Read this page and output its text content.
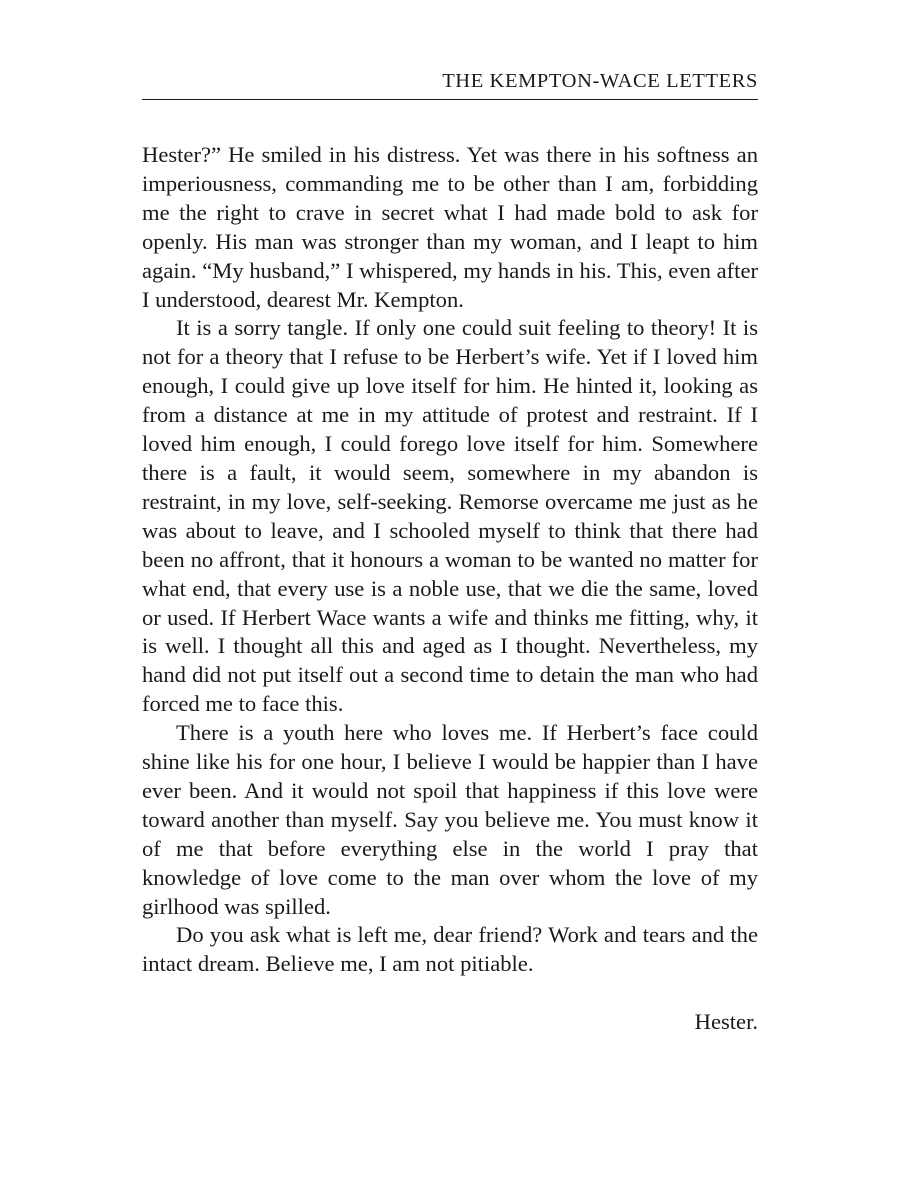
THE KEMPTON-WACE LETTERS

Hester?” He smiled in his distress. Yet was there in his softness an imperiousness, commanding me to be other than I am, forbidding me the right to crave in secret what I had made bold to ask for openly. His man was stronger than my woman, and I leapt to him again. “My husband,” I whispered, my hands in his. This, even after I understood, dearest Mr. Kempton.

It is a sorry tangle. If only one could suit feeling to theory! It is not for a theory that I refuse to be Herbert’s wife. Yet if I loved him enough, I could give up love itself for him. He hinted it, looking as from a distance at me in my attitude of protest and restraint. If I loved him enough, I could forego love itself for him. Somewhere there is a fault, it would seem, somewhere in my abandon is restraint, in my love, self-seeking. Remorse overcame me just as he was about to leave, and I schooled myself to think that there had been no affront, that it honours a woman to be wanted no matter for what end, that every use is a noble use, that we die the same, loved or used. If Herbert Wace wants a wife and thinks me fitting, why, it is well. I thought all this and aged as I thought. Nevertheless, my hand did not put itself out a second time to detain the man who had forced me to face this.

There is a youth here who loves me. If Herbert’s face could shine like his for one hour, I believe I would be happier than I have ever been. And it would not spoil that happiness if this love were toward another than myself. Say you believe me. You must know it of me that before everything else in the world I pray that knowledge of love come to the man over whom the love of my girlhood was spilled.

Do you ask what is left me, dear friend? Work and tears and the intact dream. Believe me, I am not pitiable.

Hester.
